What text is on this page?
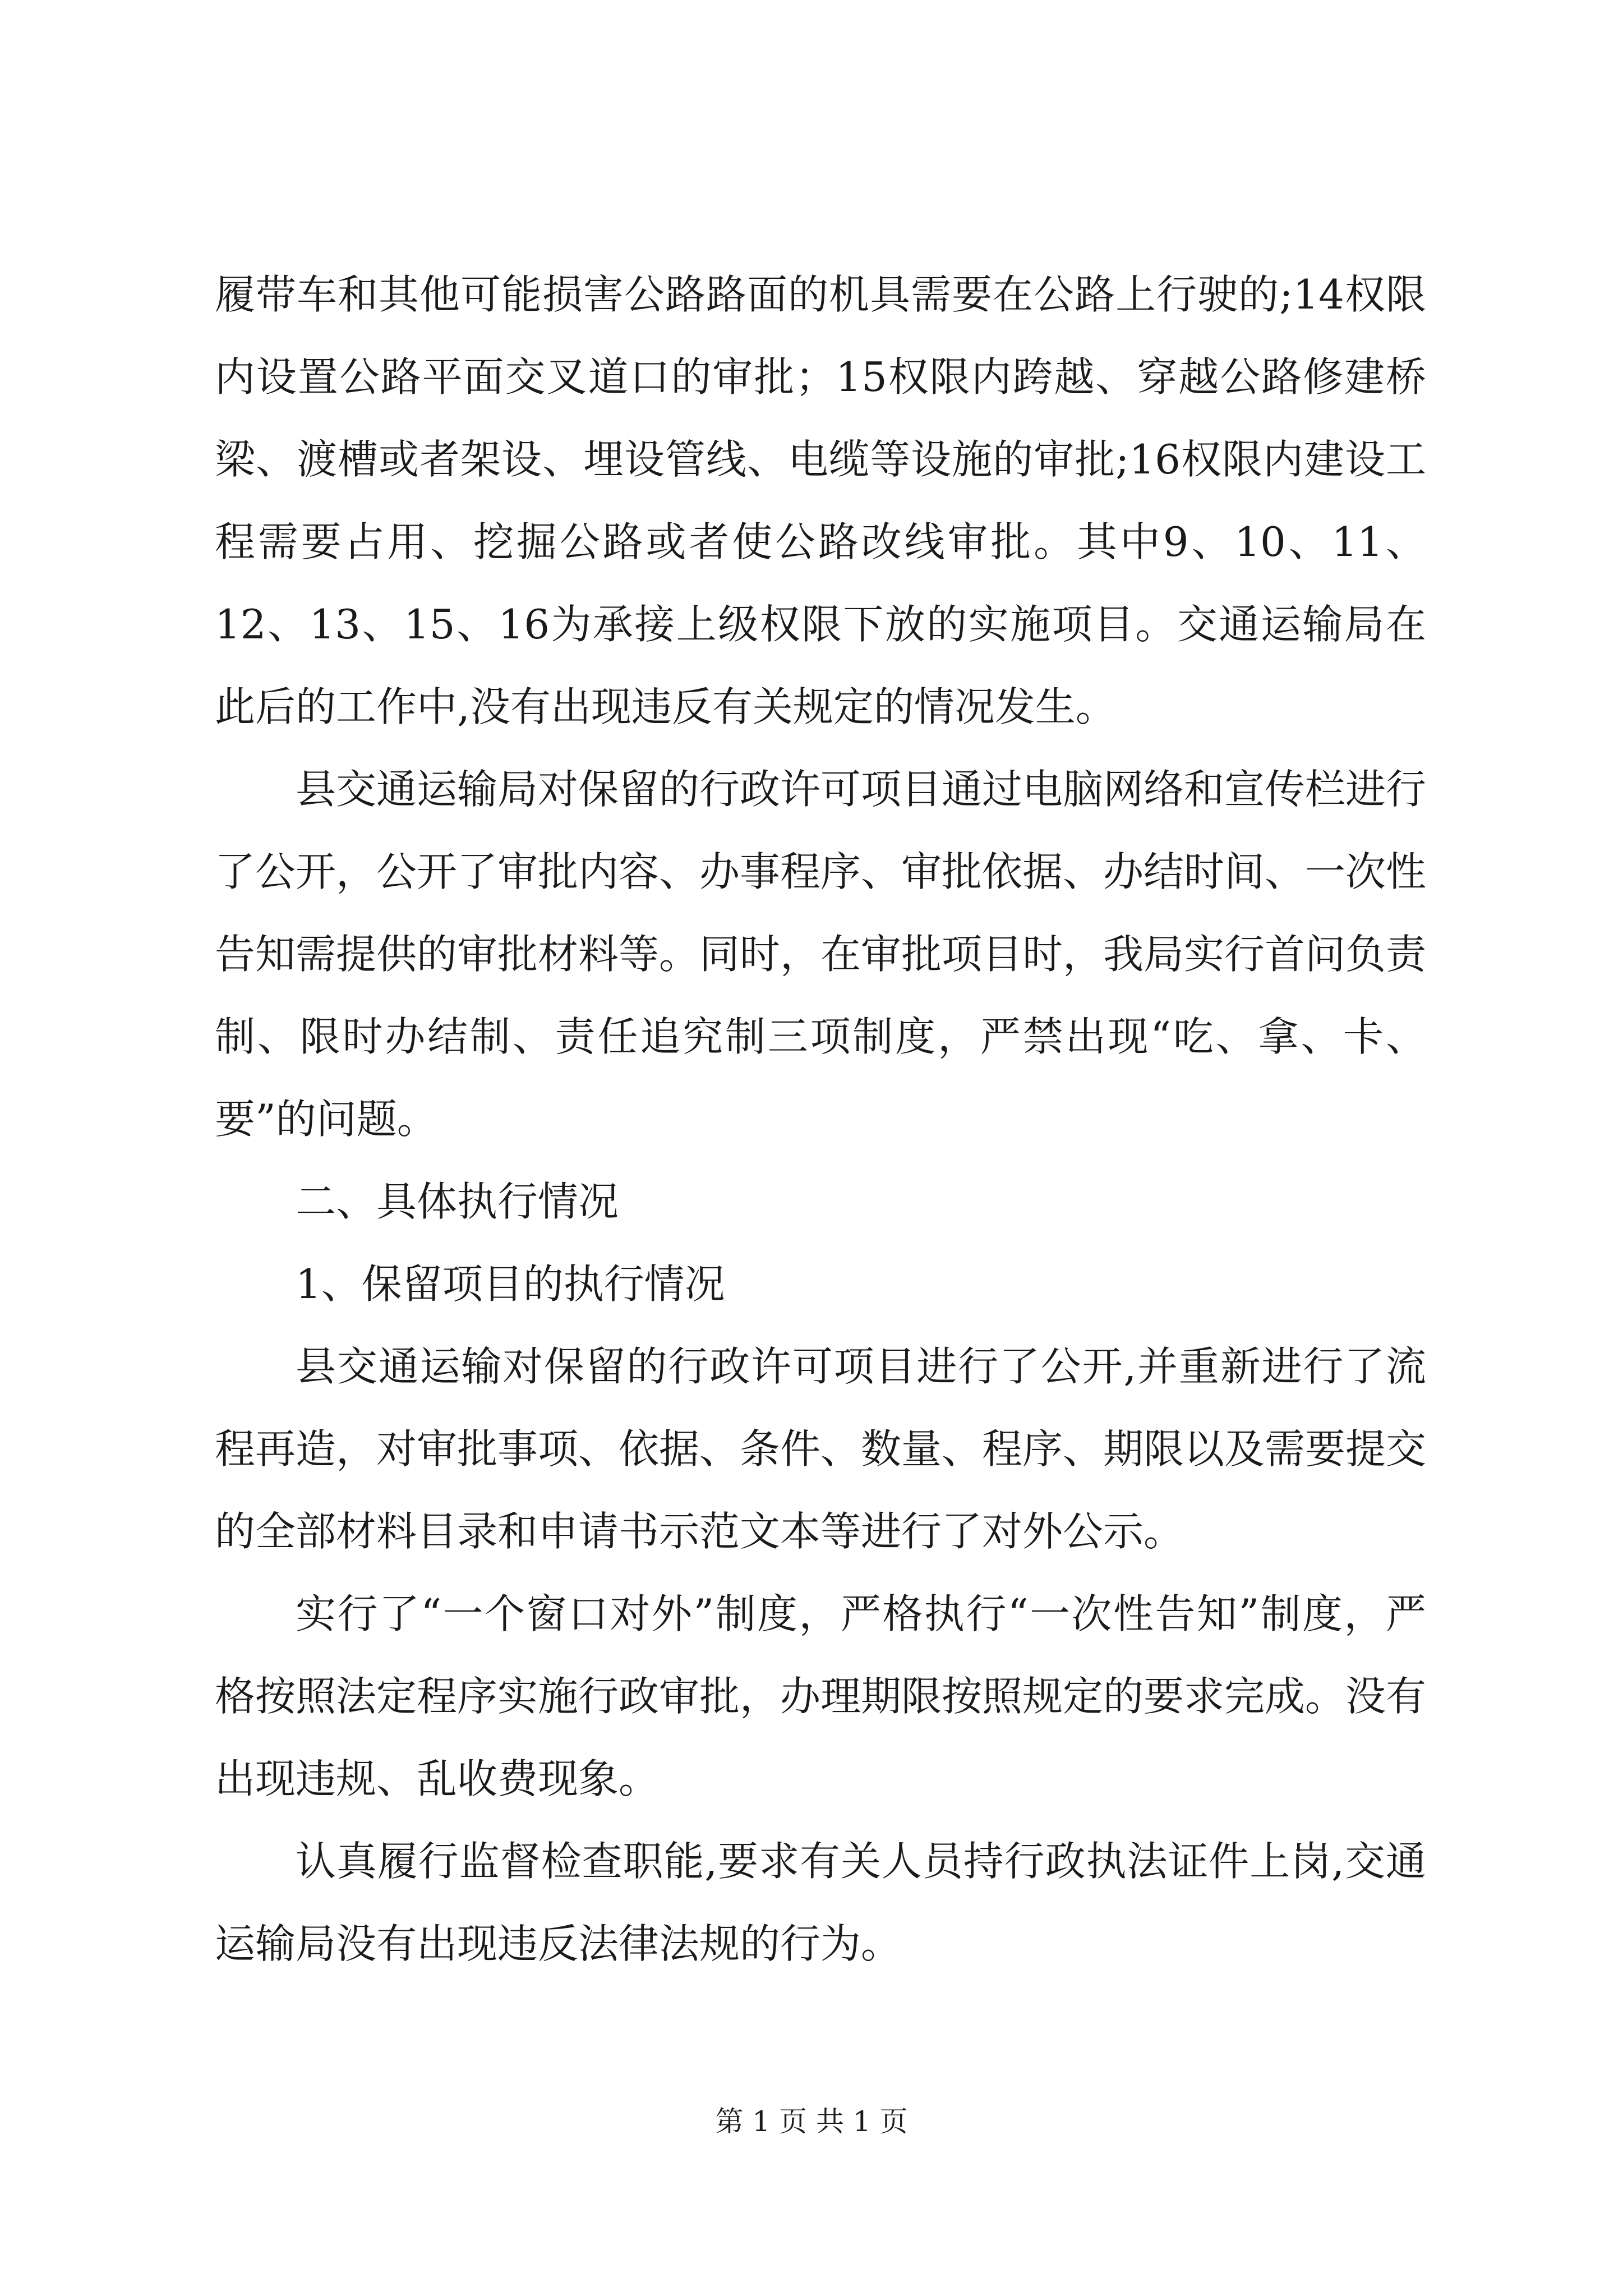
履带车和其他可能损害公路路面的机具需要在公路上行驶的;14权限内设置公路平面交叉道口的审批；15权限内跨越、穿越公路修建桥梁、渡槽或者架设、埋设管线、电缆等设施的审批;16权限内建设工程需要占用、挖掘公路或者使公路改线审批。其中9、10、11、12、13、15、16为承接上级权限下放的实施项目。交通运输局在此后的工作中,没有出现违反有关规定的情况发生。

县交通运输局对保留的行政许可项目通过电脑网络和宣传栏进行了公开，公开了审批内容、办事程序、审批依据、办结时间、一次性告知需提供的审批材料等。同时，在审批项目时，我局实行首问负责制、限时办结制、责任追究制三项制度，严禁出现“吃、拿、卡、要”的问题。

二、具体执行情况

1、保留项目的执行情况

县交通运输对保留的行政许可项目进行了公开,并重新进行了流程再造，对审批事项、依据、条件、数量、程序、期限以及需要提交的全部材料目录和申请书示范文本等进行了对外公示。

实行了“一个窗口对外”制度，严格执行“一次性告知”制度，严格按照法定程序实施行政审批，办理期限按照规定的要求完成。没有出现违规、乱收费现象。

认真履行监督检查职能,要求有关人员持行政执法证件上岗,交通运输局没有出现违反法律法规的行为。

第 1 页 共 1 页
